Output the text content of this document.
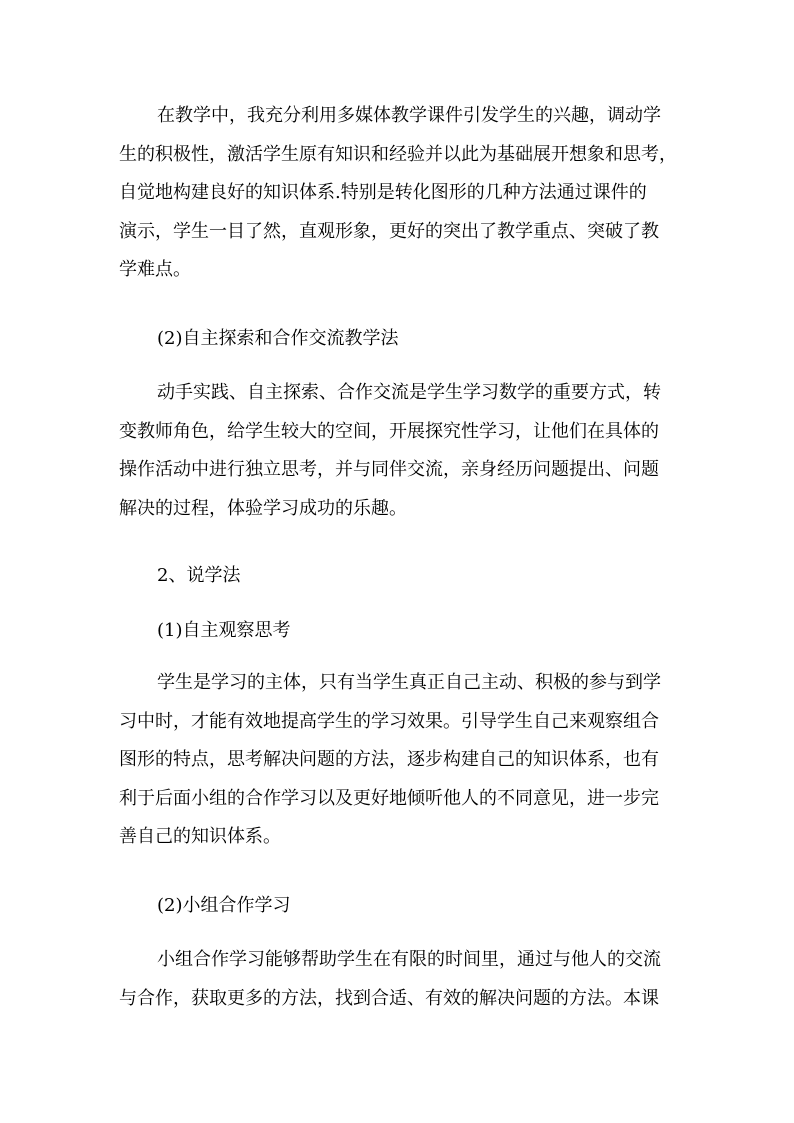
在教学中，我充分利用多媒体教学课件引发学生的兴趣，调动学
生的积极性，激活学生原有知识和经验并以此为基础展开想象和思考，
自觉地构建良好的知识体系.特别是转化图形的几种方法通过课件的
演示，学生一目了然，直观形象，更好的突出了教学重点、突破了教
学难点。
(2)自主探索和合作交流教学法
动手实践、自主探索、合作交流是学生学习数学的重要方式，转
变教师角色，给学生较大的空间，开展探究性学习，让他们在具体的
操作活动中进行独立思考，并与同伴交流，亲身经历问题提出、问题
解决的过程，体验学习成功的乐趣。
2、说学法
(1)自主观察思考
学生是学习的主体，只有当学生真正自己主动、积极的参与到学
习中时，才能有效地提高学生的学习效果。引导学生自己来观察组合
图形的特点，思考解决问题的方法，逐步构建自己的知识体系，也有
利于后面小组的合作学习以及更好地倾听他人的不同意见，进一步完
善自己的知识体系。
(2)小组合作学习
小组合作学习能够帮助学生在有限的时间里，通过与他人的交流
与合作，获取更多的方法，找到合适、有效的解决问题的方法。本课
